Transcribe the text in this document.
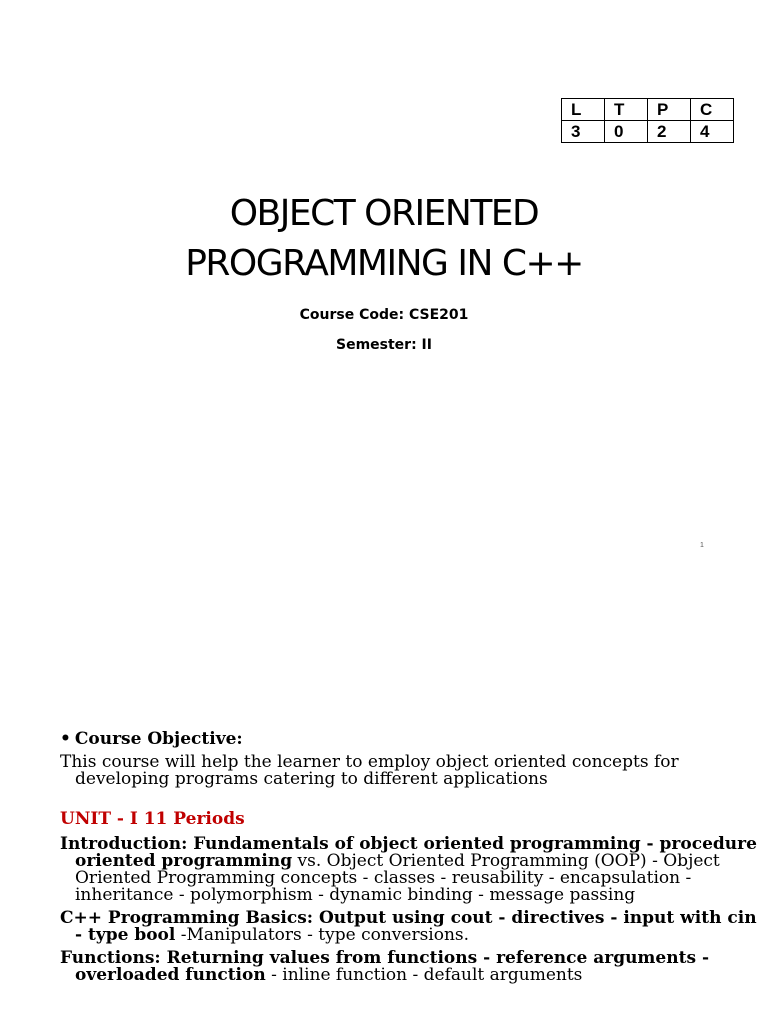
L	T	P	C
3	0	2	4
OBJECT ORIENTED
PROGRAMMING IN C++

Course Code: CSE201

Semester: II

1

• Course Objective:

This course will help the learner to employ object oriented concepts for developing programs catering to different applications

UNIT - I 11 Periods

Introduction: Fundamentals of object oriented programming - procedure oriented programming vs. Object Oriented Programming (OOP) - Object Oriented Programming concepts - classes - reusability - encapsulation - inheritance - polymorphism - dynamic binding - message passing

C++ Programming Basics: Output using cout - directives - input with cin - type bool -Manipulators - type conversions.

Functions: Returning values from functions - reference arguments - overloaded function - inline function - default arguments
